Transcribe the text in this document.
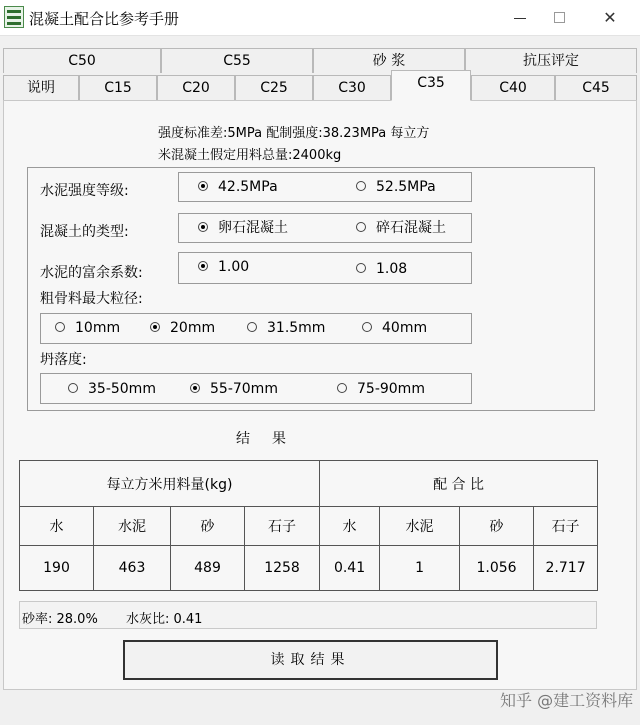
混凝土配合比参考手册	✕
C50	C55	砂 浆	抗压评定
说明	C15	C20	C25	C30	C35	C40	C45
强度标准差:5MPa 配制强度:38.23MPa 每立方
米混凝土假定用料总量:2400kg
水泥强度等级:	42.5MPa	52.5MPa
混凝土的类型:	卵石混凝土	碎石混凝土
水泥的富余系数:	1.00	1.08
粗骨料最大粒径:
10mm	20mm	31.5mm	40mm
坍落度:
35-50mm	55-70mm	75-90mm
结果
每立方米用料量(kg)				配 合 比			
水	水泥	砂	石子	水	水泥	砂	石子
190	463	489	1258	0.41	1	1.056	2.717
砂率: 28.0% 水灰比: 0.41
读取结果
知乎 @建工资料库
